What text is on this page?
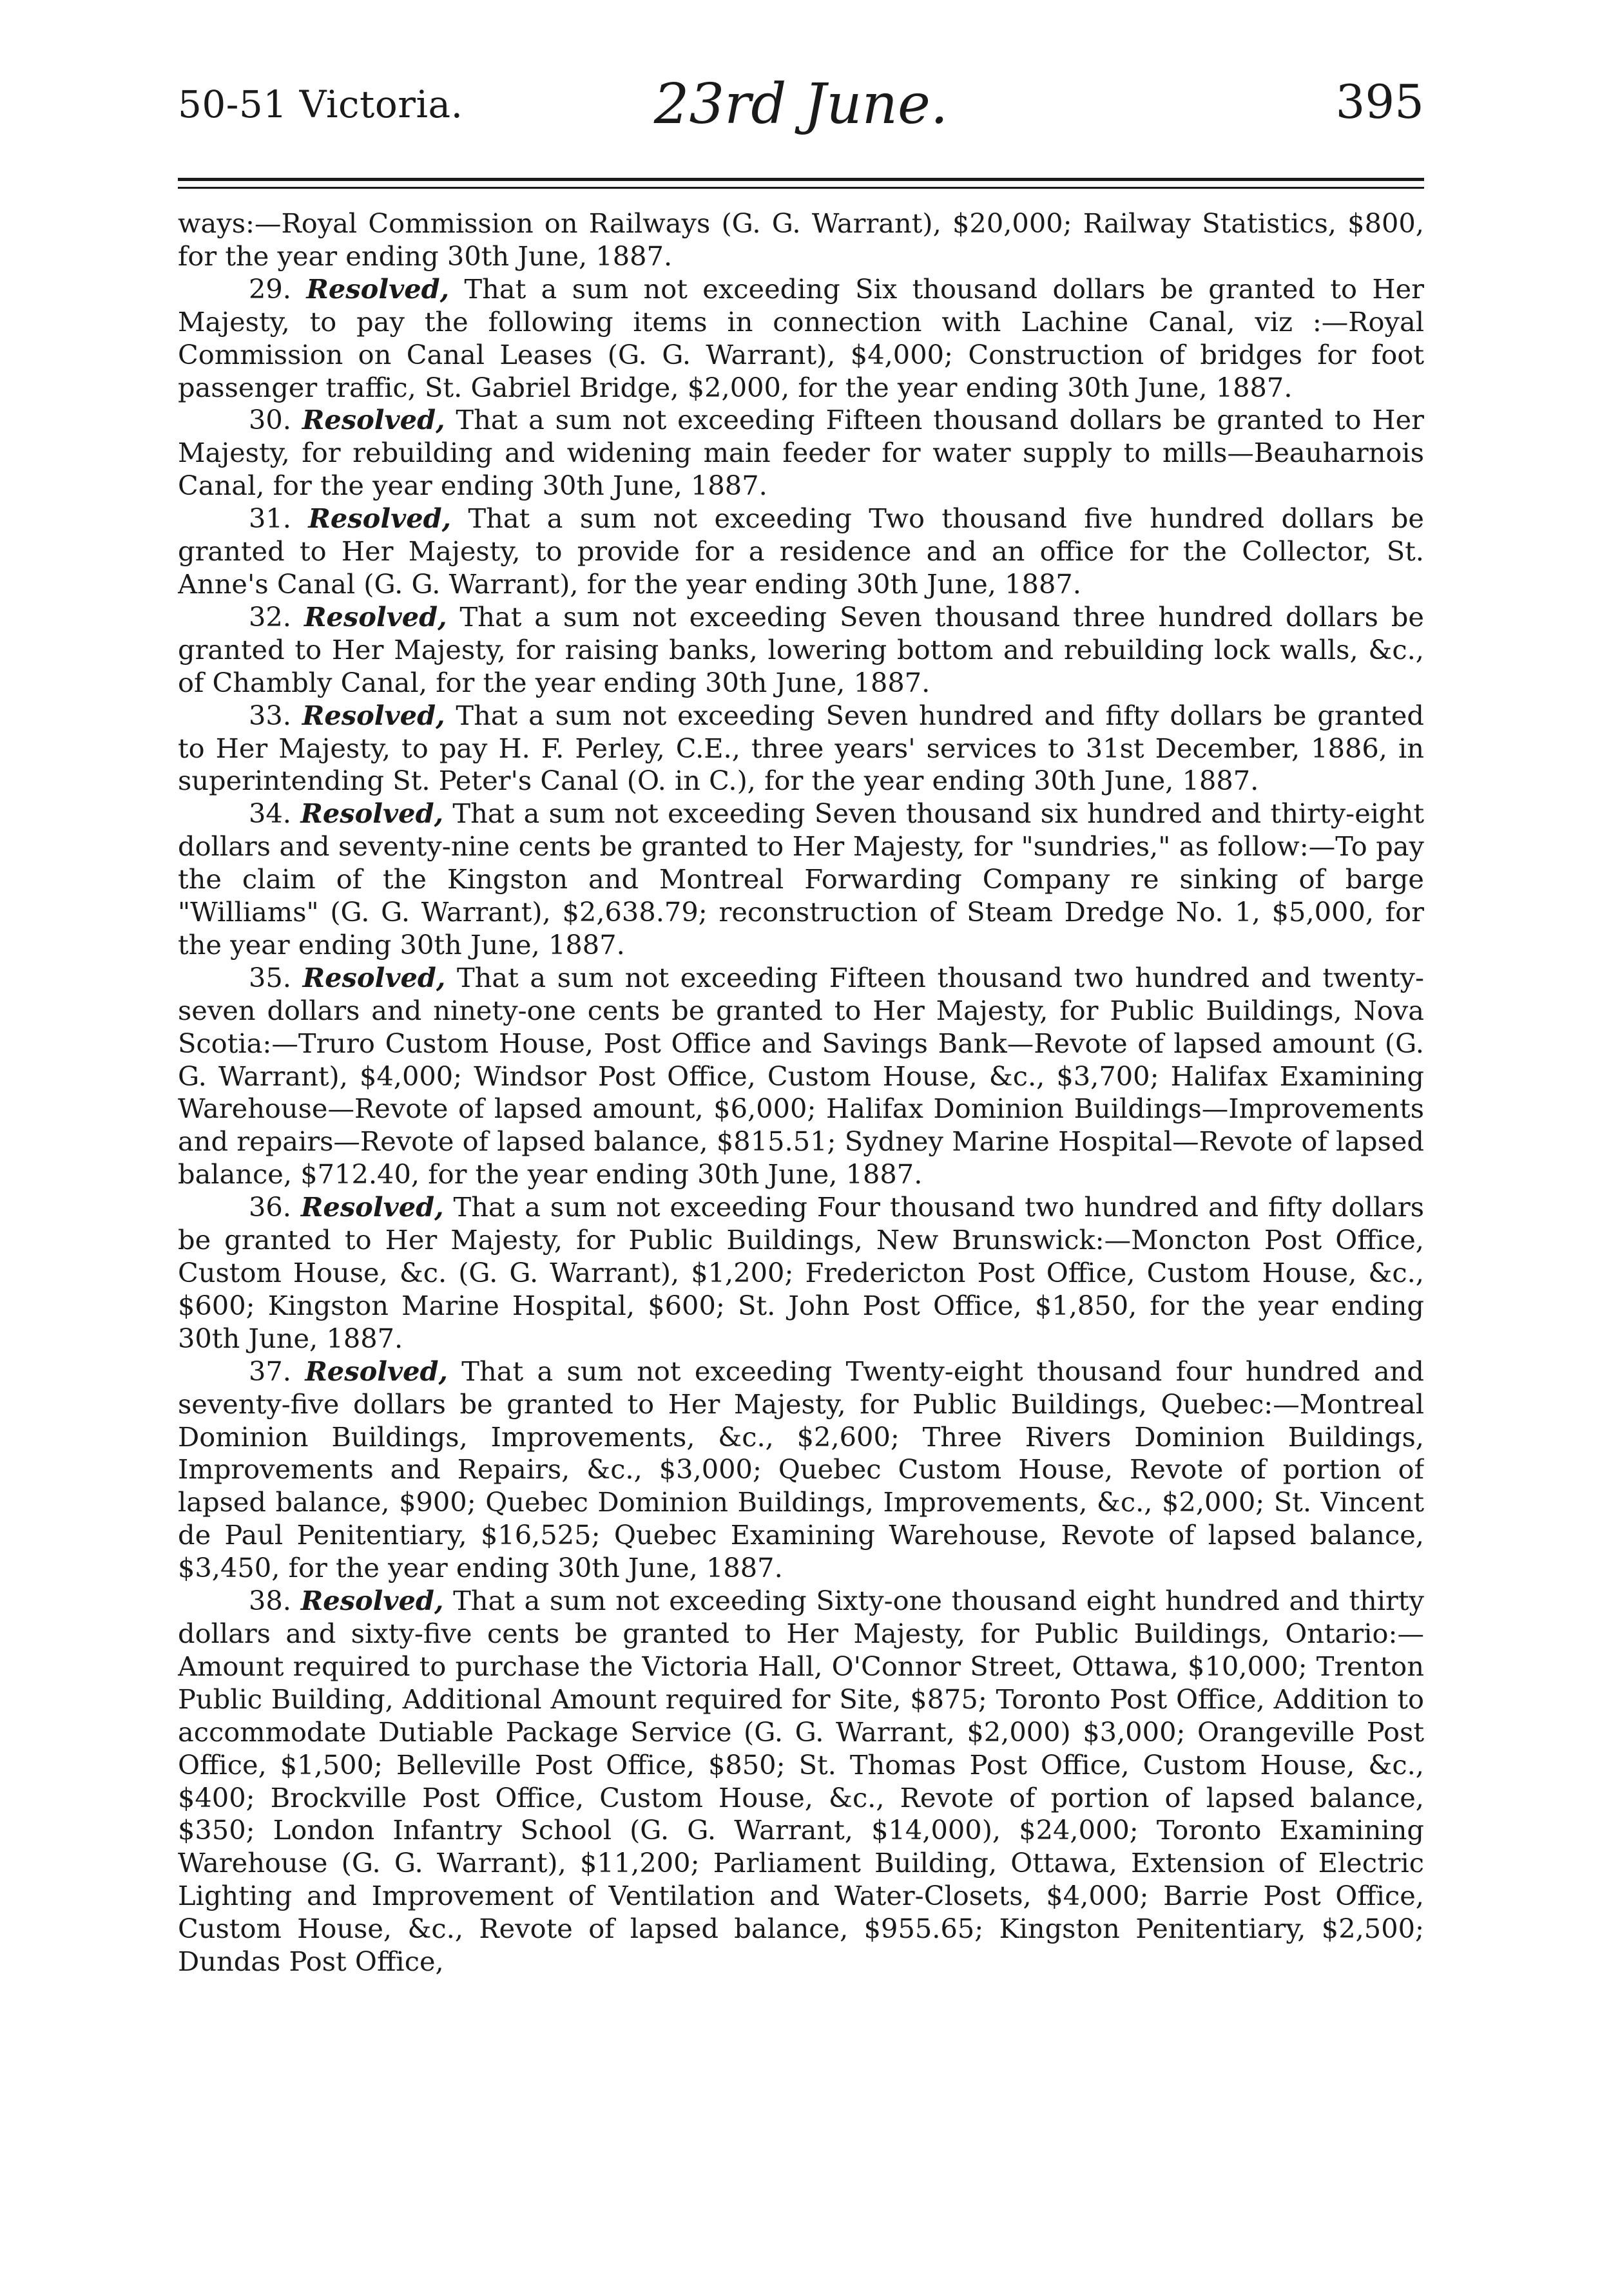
50-51 Victoria.	23rd June.	395

ways:—Royal Commission on Railways (G. G. Warrant), $20,000; Railway Statistics, $800, for the year ending 30th June, 1887.

29. Resolved, That a sum not exceeding Six thousand dollars be granted to Her Majesty, to pay the following items in connection with Lachine Canal, viz :—Royal Commission on Canal Leases (G. G. Warrant), $4,000; Construction of bridges for foot passenger traffic, St. Gabriel Bridge, $2,000, for the year ending 30th June, 1887.

30. Resolved, That a sum not exceeding Fifteen thousand dollars be granted to Her Majesty, for rebuilding and widening main feeder for water supply to mills—Beauharnois Canal, for the year ending 30th June, 1887.

31. Resolved, That a sum not exceeding Two thousand five hundred dollars be granted to Her Majesty, to provide for a residence and an office for the Collector, St. Anne's Canal (G. G. Warrant), for the year ending 30th June, 1887.

32. Resolved, That a sum not exceeding Seven thousand three hundred dollars be granted to Her Majesty, for raising banks, lowering bottom and rebuilding lock walls, &c., of Chambly Canal, for the year ending 30th June, 1887.

33. Resolved, That a sum not exceeding Seven hundred and fifty dollars be granted to Her Majesty, to pay H. F. Perley, C.E., three years' services to 31st December, 1886, in superintending St. Peter's Canal (O. in C.), for the year ending 30th June, 1887.

34. Resolved, That a sum not exceeding Seven thousand six hundred and thirty-eight dollars and seventy-nine cents be granted to Her Majesty, for "sundries," as follow:—To pay the claim of the Kingston and Montreal Forwarding Company re sinking of barge "Williams" (G. G. Warrant), $2,638.79; reconstruction of Steam Dredge No. 1, $5,000, for the year ending 30th June, 1887.

35. Resolved, That a sum not exceeding Fifteen thousand two hundred and twenty-seven dollars and ninety-one cents be granted to Her Majesty, for Public Buildings, Nova Scotia:—Truro Custom House, Post Office and Savings Bank—Revote of lapsed amount (G. G. Warrant), $4,000; Windsor Post Office, Custom House, &c., $3,700; Halifax Examining Warehouse—Revote of lapsed amount, $6,000; Halifax Dominion Buildings—Improvements and repairs—Revote of lapsed balance, $815.51; Sydney Marine Hospital—Revote of lapsed balance, $712.40, for the year ending 30th June, 1887.

36. Resolved, That a sum not exceeding Four thousand two hundred and fifty dollars be granted to Her Majesty, for Public Buildings, New Brunswick:—Moncton Post Office, Custom House, &c. (G. G. Warrant), $1,200; Fredericton Post Office, Custom House, &c., $600; Kingston Marine Hospital, $600; St. John Post Office, $1,850, for the year ending 30th June, 1887.

37. Resolved, That a sum not exceeding Twenty-eight thousand four hundred and seventy-five dollars be granted to Her Majesty, for Public Buildings, Quebec:—Montreal Dominion Buildings, Improvements, &c., $2,600; Three Rivers Dominion Buildings, Improvements and Repairs, &c., $3,000; Quebec Custom House, Revote of portion of lapsed balance, $900; Quebec Dominion Buildings, Improvements, &c., $2,000; St. Vincent de Paul Penitentiary, $16,525; Quebec Examining Warehouse, Revote of lapsed balance, $3,450, for the year ending 30th June, 1887.

38. Resolved, That a sum not exceeding Sixty-one thousand eight hundred and thirty dollars and sixty-five cents be granted to Her Majesty, for Public Buildings, Ontario:—Amount required to purchase the Victoria Hall, O'Connor Street, Ottawa, $10,000; Trenton Public Building, Additional Amount required for Site, $875; Toronto Post Office, Addition to accommodate Dutiable Package Service (G. G. Warrant, $2,000) $3,000; Orangeville Post Office, $1,500; Belleville Post Office, $850; St. Thomas Post Office, Custom House, &c., $400; Brockville Post Office, Custom House, &c., Revote of portion of lapsed balance, $350; London Infantry School (G. G. Warrant, $14,000), $24,000; Toronto Examining Warehouse (G. G. Warrant), $11,200; Parliament Building, Ottawa, Extension of Electric Lighting and Improvement of Ventilation and Water-Closets, $4,000; Barrie Post Office, Custom House, &c., Revote of lapsed balance, $955.65; Kingston Penitentiary, $2,500; Dundas Post Office,
